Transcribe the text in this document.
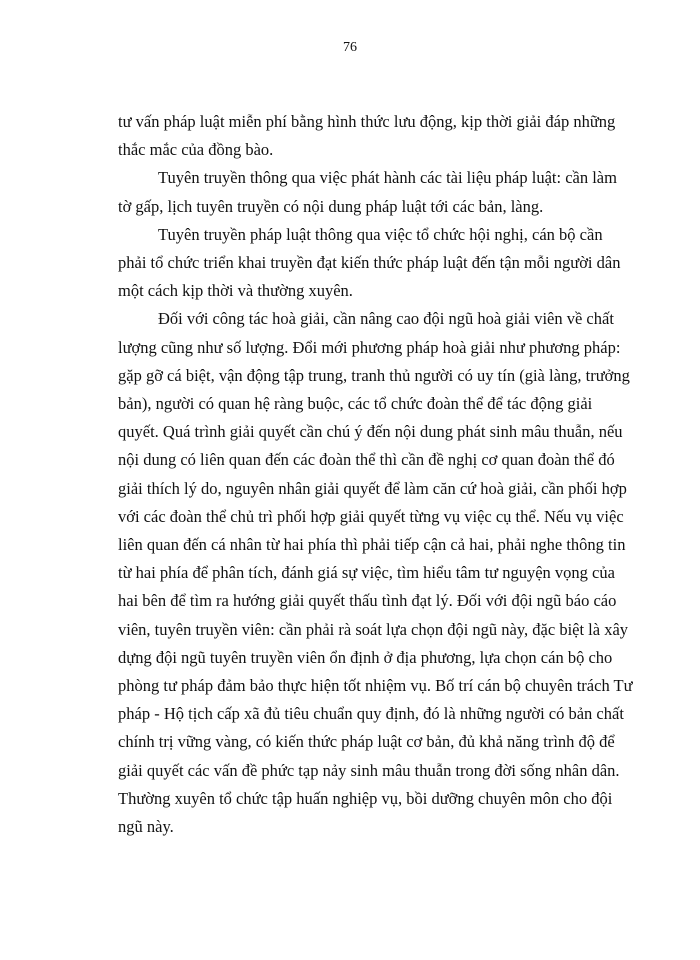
76
tư vấn pháp luật miễn phí bằng hình thức lưu động, kịp thời giải đáp những
thắc mắc của đồng bào.
Tuyên truyền thông qua việc phát hành các tài liệu pháp luật: cần làm
tờ gấp, lịch tuyên truyền có nội dung pháp luật tới các bản, làng.
Tuyên truyền pháp luật thông qua việc tổ chức hội nghị, cán bộ cần
phải tổ chức triển khai truyền đạt kiến thức pháp luật đến tận mỗi người dân
một cách kịp thời và thường xuyên.
Đối với công tác hoà giải, cần nâng cao đội ngũ hoà giải viên về chất
lượng cũng như số lượng. Đổi mới phương pháp hoà giải như phương pháp:
gặp gỡ cá biệt, vận động tập trung, tranh thủ người có uy tín (già làng, trưởng
bản), người có quan hệ ràng buộc, các tổ chức đoàn thể để tác động giải
quyết. Quá trình giải quyết cần chú ý đến nội dung phát sinh mâu thuẫn, nếu
nội dung có liên quan đến các đoàn thể thì cần đề nghị cơ quan đoàn thể đó
giải thích lý do, nguyên nhân giải quyết để làm căn cứ hoà giải, cần phối hợp
với các đoàn thể chủ trì phối hợp giải quyết từng vụ việc cụ thể. Nếu vụ việc
liên quan đến cá nhân từ hai phía thì phải tiếp cận cả hai, phải nghe thông tin
từ hai phía để phân tích, đánh giá sự việc, tìm hiểu tâm tư nguyện vọng của
hai bên để tìm ra hướng giải quyết thấu tình đạt lý. Đối với đội ngũ báo cáo
viên, tuyên truyền viên: cần phải rà soát lựa chọn đội ngũ này, đặc biệt là xây
dựng đội ngũ tuyên truyền viên ổn định ở địa phương, lựa chọn cán bộ cho
phòng tư pháp đảm bảo thực hiện tốt nhiệm vụ. Bố trí cán bộ chuyên trách Tư
pháp - Hộ tịch cấp xã đủ tiêu chuẩn quy định, đó là những người có bản chất
chính trị vững vàng, có kiến thức pháp luật cơ bản, đủ khả năng trình độ để
giải quyết các vấn đề phức tạp nảy sinh mâu thuẫn trong đời sống nhân dân.
Thường xuyên tổ chức tập huấn nghiệp vụ, bồi dưỡng chuyên môn cho đội
ngũ này.
